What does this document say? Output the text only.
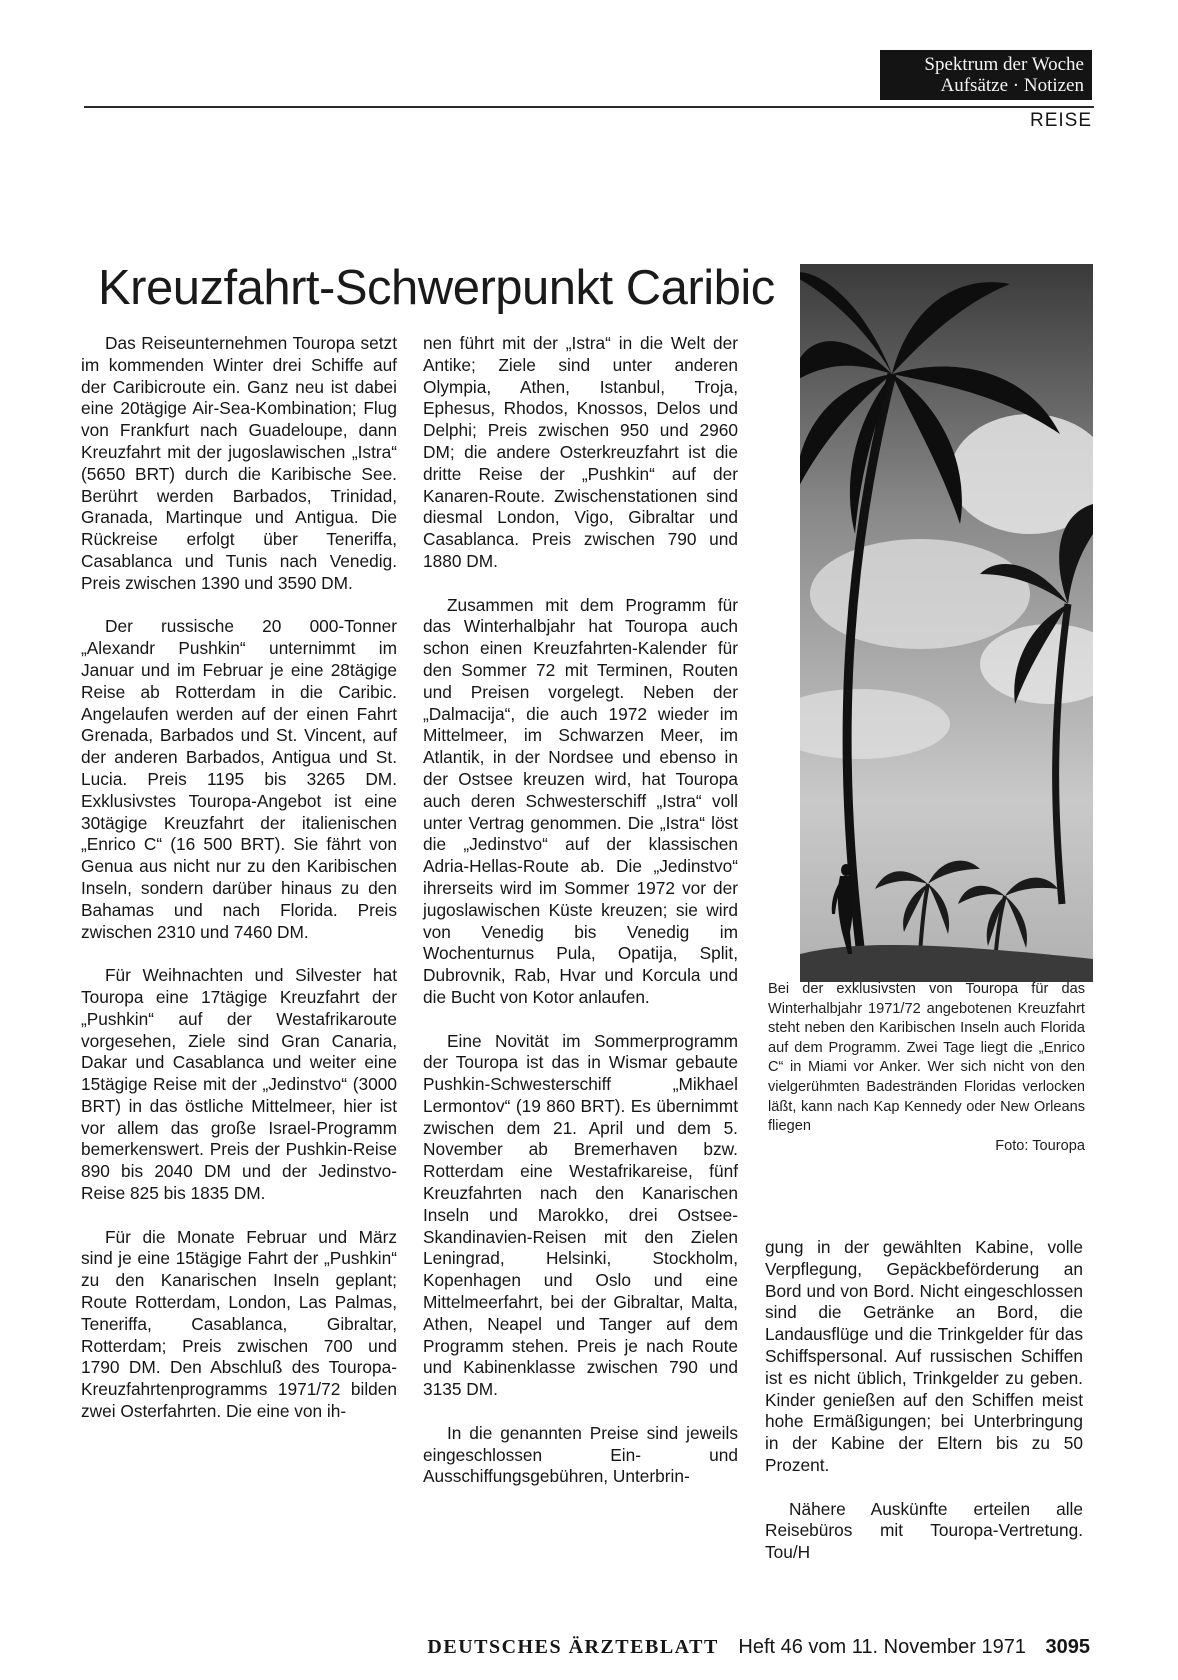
Spektrum der Woche
Aufsätze · Notizen
REISE
Kreuzfahrt-Schwerpunkt Caribic

Das Reiseunternehmen Touropa setzt im kommenden Winter drei Schiffe auf der Caribicroute ein. Ganz neu ist dabei eine 20tägige Air-Sea-Kombination; Flug von Frankfurt nach Guadeloupe, dann Kreuzfahrt mit der jugoslawischen „Istra“ (5650 BRT) durch die Karibische See. Berührt werden Barbados, Trinidad, Granada, Martinque und Antigua. Die Rückreise erfolgt über Teneriffa, Casablanca und Tunis nach Venedig. Preis zwischen 1390 und 3590 DM.

Der russische 20 000-Tonner „Alexandr Pushkin“ unternimmt im Januar und im Februar je eine 28tägige Reise ab Rotterdam in die Caribic. Angelaufen werden auf der einen Fahrt Grenada, Barbados und St. Vincent, auf der anderen Barbados, Antigua und St. Lucia. Preis 1195 bis 3265 DM. Exklusivstes Touropa-Angebot ist eine 30tägige Kreuzfahrt der italienischen „Enrico C“ (16 500 BRT). Sie fährt von Genua aus nicht nur zu den Karibischen Inseln, sondern darüber hinaus zu den Bahamas und nach Florida. Preis zwischen 2310 und 7460 DM.

Für Weihnachten und Silvester hat Touropa eine 17tägige Kreuzfahrt der „Pushkin“ auf der Westafrikaroute vorgesehen, Ziele sind Gran Canaria, Dakar und Casablanca und weiter eine 15tägige Reise mit der „Jedinstvo“ (3000 BRT) in das östliche Mittelmeer, hier ist vor allem das große Israel-Programm bemerkenswert. Preis der Pushkin-Reise 890 bis 2040 DM und der Jedinstvo-Reise 825 bis 1835 DM.

Für die Monate Februar und März sind je eine 15tägige Fahrt der „Pushkin“ zu den Kanarischen Inseln geplant; Route Rotterdam, London, Las Palmas, Teneriffa, Casablanca, Gibraltar, Rotterdam; Preis zwischen 700 und 1790 DM. Den Abschluß des Touropa-Kreuzfahrtenprogramms 1971/72 bilden zwei Osterfahrten. Die eine von ih-

nen führt mit der „Istra“ in die Welt der Antike; Ziele sind unter anderen Olympia, Athen, Istanbul, Troja, Ephesus, Rhodos, Knossos, Delos und Delphi; Preis zwischen 950 und 2960 DM; die andere Osterkreuzfahrt ist die dritte Reise der „Pushkin“ auf der Kanaren-Route. Zwischenstationen sind diesmal London, Vigo, Gibraltar und Casablanca. Preis zwischen 790 und 1880 DM.

Zusammen mit dem Programm für das Winterhalbjahr hat Touropa auch schon einen Kreuzfahrten-Kalender für den Sommer 72 mit Terminen, Routen und Preisen vorgelegt. Neben der „Dalmacija“, die auch 1972 wieder im Mittelmeer, im Schwarzen Meer, im Atlantik, in der Nordsee und ebenso in der Ostsee kreuzen wird, hat Touropa auch deren Schwesterschiff „Istra“ voll unter Vertrag genommen. Die „Istra“ löst die „Jedinstvo“ auf der klassischen Adria-Hellas-Route ab. Die „Jedinstvo“ ihrerseits wird im Sommer 1972 vor der jugoslawischen Küste kreuzen; sie wird von Venedig bis Venedig im Wochenturnus Pula, Opatija, Split, Dubrovnik, Rab, Hvar und Korcula und die Bucht von Kotor anlaufen.

Eine Novität im Sommerprogramm der Touropa ist das in Wismar gebaute Pushkin-Schwesterschiff „Mikhael Lermontov“ (19 860 BRT). Es übernimmt zwischen dem 21. April und dem 5. November ab Bremerhaven bzw. Rotterdam eine Westafrikareise, fünf Kreuzfahrten nach den Kanarischen Inseln und Marokko, drei Ostsee-Skandinavien-Reisen mit den Zielen Leningrad, Helsinki, Stockholm, Kopenhagen und Oslo und eine Mittelmeerfahrt, bei der Gibraltar, Malta, Athen, Neapel und Tanger auf dem Programm stehen. Preis je nach Route und Kabinenklasse zwischen 790 und 3135 DM.

In die genannten Preise sind jeweils eingeschlossen Ein- und Ausschiffungsgebühren, Unterbrin-

Bei der exklusivsten von Touropa für das Winterhalbjahr 1971/72 angebotenen Kreuzfahrt steht neben den Karibischen Inseln auch Florida auf dem Programm. Zwei Tage liegt die „Enrico C“ in Miami vor Anker. Wer sich nicht von den vielgerühmten Badestränden Floridas verlocken läßt, kann nach Kap Kennedy oder New Orleans fliegen
Foto: Touropa

gung in der gewählten Kabine, volle Verpflegung, Gepäckbeförderung an Bord und von Bord. Nicht eingeschlossen sind die Getränke an Bord, die Landausflüge und die Trinkgelder für das Schiffspersonal. Auf russischen Schiffen ist es nicht üblich, Trinkgelder zu geben. Kinder genießen auf den Schiffen meist hohe Ermäßigungen; bei Unterbringung in der Kabine der Eltern bis zu 50 Prozent.

Nähere Auskünfte erteilen alle Reisebüros mit Touropa-Vertretung. Tou/H

DEUTSCHES ÄRZTEBLATT Heft 46 vom 11. November 1971 3095
